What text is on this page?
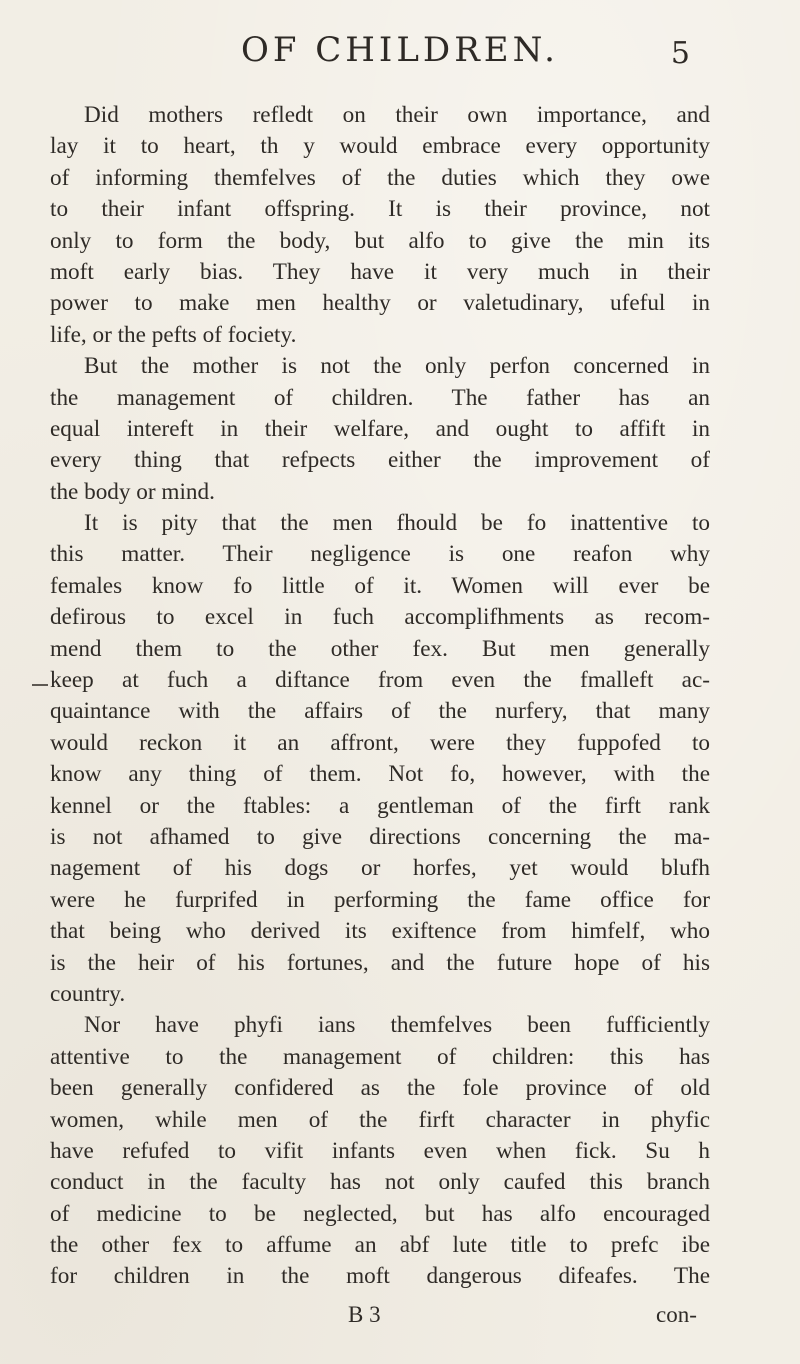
OF CHILDREN.	5
Did mothers refledt on their own importance, and
lay it to heart, th y would embrace every opportunity
of informing themfelves of the duties which they owe
to their infant offspring. It is their province, not
only to form the body, but alfo to give the min its
moft early bias. They have it very much in their
power to make men healthy or valetudinary, ufeful in
life, or the pefts of fociety.
But the mother is not the only perfon concerned in
the management of children. The father has an
equal intereft in their welfare, and ought to affift in
every thing that refpects either the improvement of
the body or mind.
It is pity that the men fhould be fo inattentive to
this matter. Their negligence is one reafon why
females know fo little of it. Women will ever be
defirous to excel in fuch accomplifhments as recom-
mend them to the other fex. But men generally
keep at fuch a diftance from even the fmalleft ac-
quaintance with the affairs of the nurfery, that many
would reckon it an affront, were they fuppofed to
know any thing of them. Not fo, however, with the
kennel or the ftables: a gentleman of the firft rank
is not afhamed to give directions concerning the ma-
nagement of his dogs or horfes, yet would blufh
were he furprifed in performing the fame office for
that being who derived its exiftence from himfelf, who
is the heir of his fortunes, and the future hope of his
country.
Nor have phyfi ians themfelves been fufficiently
attentive to the management of children: this has
been generally confidered as the fole province of old
women, while men of the firft character in phyfic
have refufed to vifit infants even when fick. Su h
conduct in the faculty has not only caufed this branch
of medicine to be neglected, but has alfo encouraged
the other fex to affume an abf lute title to prefc ibe
for children in the moft dangerous difeafes. The
B 3	con-
